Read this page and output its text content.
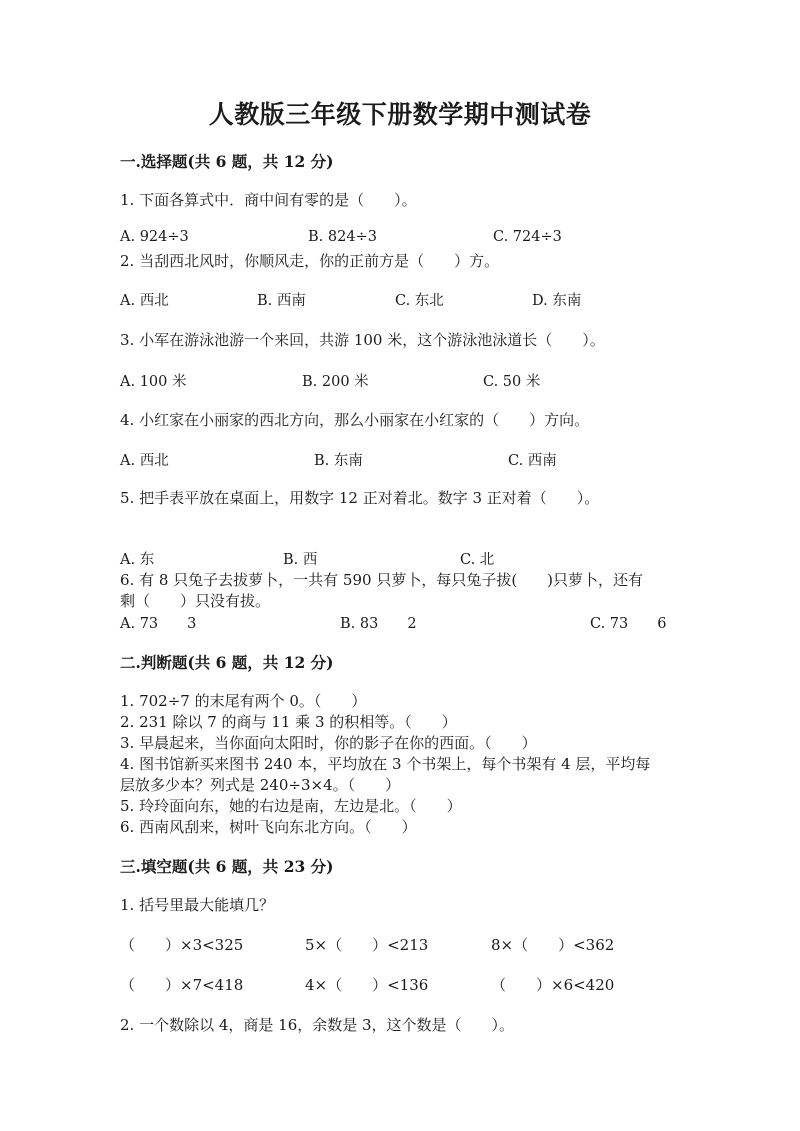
人教版三年级下册数学期中测试卷
一.选择题(共 6 题，共 12 分)
1. 下面各算式中．商中间有零的是（　　）。
A. 924÷3	B. 824÷3	C. 724÷3
2. 当刮西北风时，你顺风走，你的正前方是（　　）方。
A. 西北	B. 西南	C. 东北	D. 东南
3. 小军在游泳池游一个来回，共游 100 米，这个游泳池泳道长（　　）。
A. 100 米	B. 200 米	C. 50 米
4. 小红家在小丽家的西北方向，那么小丽家在小红家的（　　）方向。
A. 西北	B. 东南	C. 西南
5. 把手表平放在桌面上，用数字 12 正对着北。数字 3 正对着（　　）。
A. 东	B. 西	C. 北
6. 有 8 只兔子去拔萝卜，一共有 590 只萝卜，每只兔子拔(　　)只萝卜，还有
剩（　　）只没有拔。
A. 73　　3	B. 83　　2	C. 73　　6
二.判断题(共 6 题，共 12 分)
1. 702÷7 的末尾有两个 0。（　　）
2. 231 除以 7 的商与 11 乘 3 的积相等。（　　）
3. 早晨起来，当你面向太阳时，你的影子在你的西面。（　　）
4. 图书馆新买来图书 240 本，平均放在 3 个书架上，每个书架有 4 层，平均每
层放多少本？列式是 240÷3×4。（　　）
5. 玲玲面向东，她的右边是南，左边是北。（　　）
6. 西南风刮来，树叶飞向东北方向。（　　）
三.填空题(共 6 题，共 23 分)
1. 括号里最大能填几？
（　　）×3<325	5×（　　）<213	8×（　　）<362
（　　）×7<418	4×（　　）<136	（　　）×6<420
2. 一个数除以 4，商是 16，余数是 3，这个数是（　　）。
